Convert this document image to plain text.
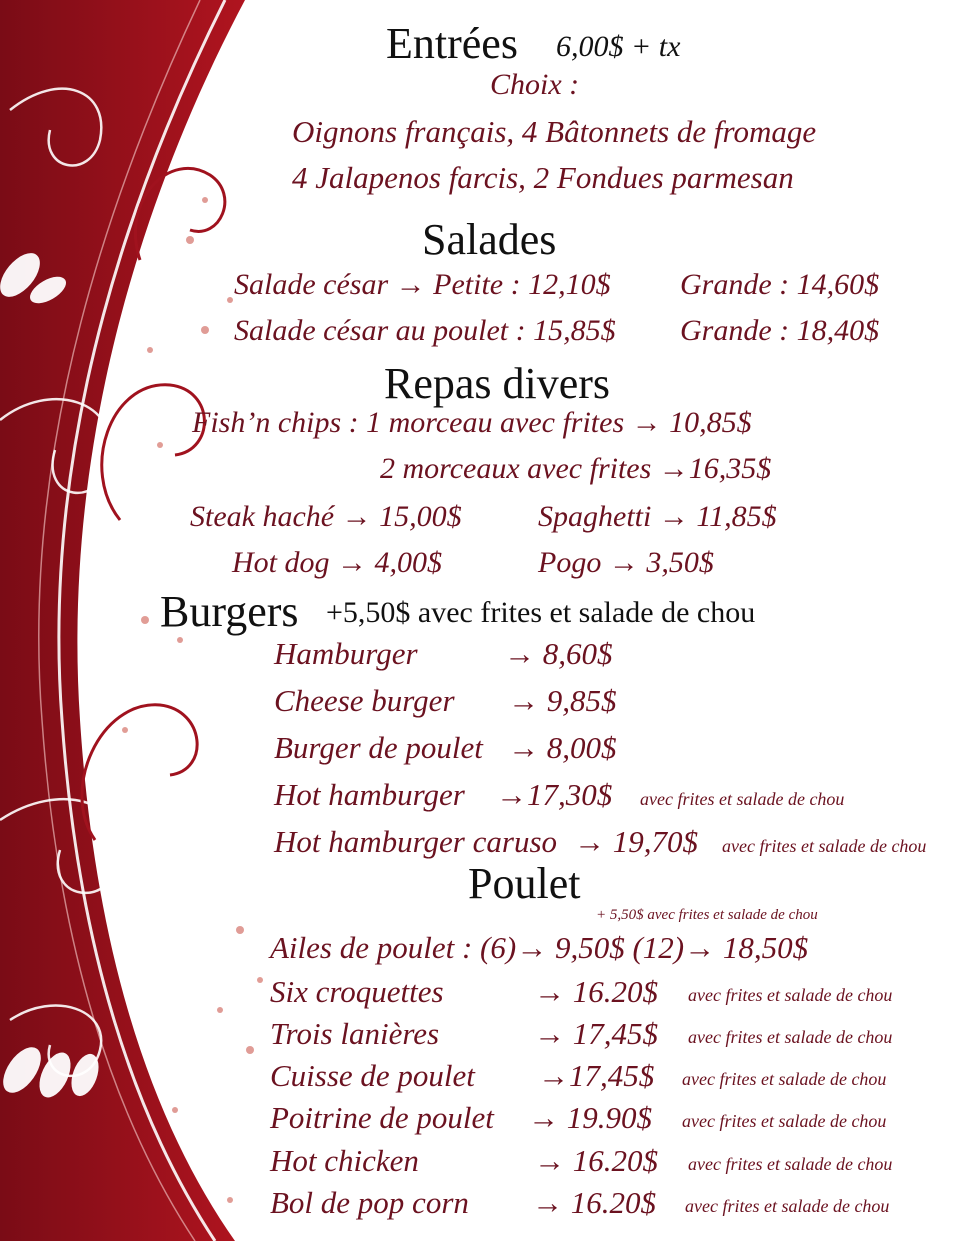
Entrées 6,00$ + tx
Choix :
Oignons français, 4 Bâtonnets de fromage
4 Jalapenos farcis, 2 Fondues parmesan
Salades
Salade césar → Petite : 12,10$ Grande : 14,60$
Salade césar au poulet : 15,85$ Grande : 18,40$
Repas divers
Fish’n chips : 1 morceau avec frites → 10,85$
2 morceaux avec frites →16,35$
Steak haché → 15,00$	Spaghetti → 11,85$
Hot dog → 4,00$	Pogo → 3,50$
Burgers +5,50$ avec frites et salade de chou
Hamburger	→ 8,60$
Cheese burger → 9,85$
Burger de poulet → 8,00$
Hot hamburger →17,30$ avec frites et salade de chou
Hot hamburger caruso → 19,70$ avec frites et salade de chou
Poulet
+ 5,50$ avec frites et salade de chou
Ailes de poulet : (6)→ 9,50$ (12)→ 18,50$
Six croquettes	→ 16.20$ avec frites et salade de chou
Trois lanières	→ 17,45$ avec frites et salade de chou
Cuisse de poulet →17,45$ avec frites et salade de chou
Poitrine de poulet → 19.90$ avec frites et salade de chou
Hot chicken	→ 16.20$ avec frites et salade de chou
Bol de pop corn → 16.20$ avec frites et salade de chou
